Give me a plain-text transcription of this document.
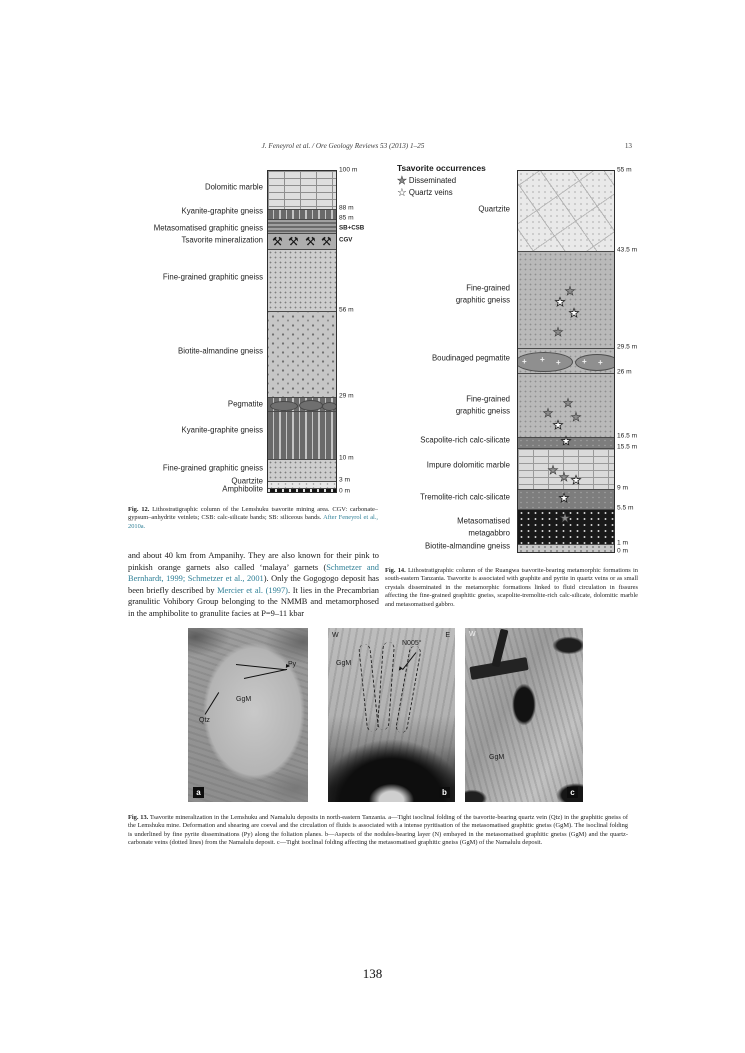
J. Feneyrol et al. / Ore Geology Reviews 53 (2013) 1–25	13
Dolomitic marble
Kyanite-graphite gneiss
Metasomatised graphitic gneiss
Tsavorite mineralization
Fine-grained graphitic gneiss
Biotite-almandine gneiss
Pegmatite
Kyanite-graphite gneiss
Fine-grained graphitic gneiss
Quartzite
Amphibolite
⚒ ⚒ ⚒ ⚒
100 m
88 m
85 m
SB+CSB
CGV
56 m
29 m
10 m
3 m
0 m
Fig. 12. Lithostratigraphic column of the Lemshuku tsavorite mining area. CGV: carbonate–gypsum–anhydrite veinlets; CSB: calc-silicate bands; SB: siliceous bands. After Feneyrol et al., 2010a.
and about 40 km from Ampanihy. They are also known for their pink to pinkish orange garnets also called ‘malaya’ garnets (Schmetzer and Bernhardt, 1999; Schmetzer et al., 2001). Only the Gogogogo deposit has been briefly described by Mercier et al. (1997). It lies in the Precambrian granulitic Vohibory Group belonging to the NMMB and metamorphosed in the amphibolite to granulite facies at P=9–11 kbar
Tsavorite occurrences
★ Disseminated
☆ Quartz veins
Quartzite
Fine-grained
graphitic gneiss
Boudinaged pegmatite
Fine-grained
graphitic gneiss
Scapolite-rich calc-silicate
Impure dolomitic marble
Tremolite-rich calc-silicate
Metasomatised
metagabbro
Biotite-almandine gneiss
+ + +	+ +
★
★
★
★
★
★ ★
★
★
★ ★ ★
★
★
55 m
43.5 m
29.5 m
26 m
16.5 m
15.5 m
9 m
5.5 m
1 m
0 m
Fig. 14. Lithostratigraphic column of the Ruangwa tsavorite-bearing metamorphic formations in south-eastern Tanzania. Tsavorite is associated with graphite and pyrite in quartz veins or as small crystals disseminated in the metamorphic formations linked to fluid circulation in fissures affecting the fine-grained graphitic gneiss, scapolite-tremolite-rich calc-silicate, dolomitic marble and metasomatised gabbro.
Py
GgM
Qtz
a
W	E
GgM
N005°
b
W
GgM
c
Fig. 13. Tsavorite mineralization in the Lemshuku and Namalulu deposits in north-eastern Tanzania. a—Tight isoclinal folding of the tsavorite-bearing quartz vein (Qtz) in the graphitic gneiss of the Lemshuku mine. Deformation and shearing are coeval and the circulation of fluids is associated with a intense pyritisation of the metasomatised graphitic gneiss (GgM). The isoclinal folding is underlined by fine pyrite disseminations (Py) along the foliation planes. b—Aspects of the nodules-bearing layer (N) embayed in the metasomatised graphitic gneiss (GgM) and the quartz-carbonate veins (dotted lines) from the Namalulu deposit. c—Tight isoclinal folding affecting the metasomatised graphitic gneiss (GgM) of the Namalulu deposit.
138
